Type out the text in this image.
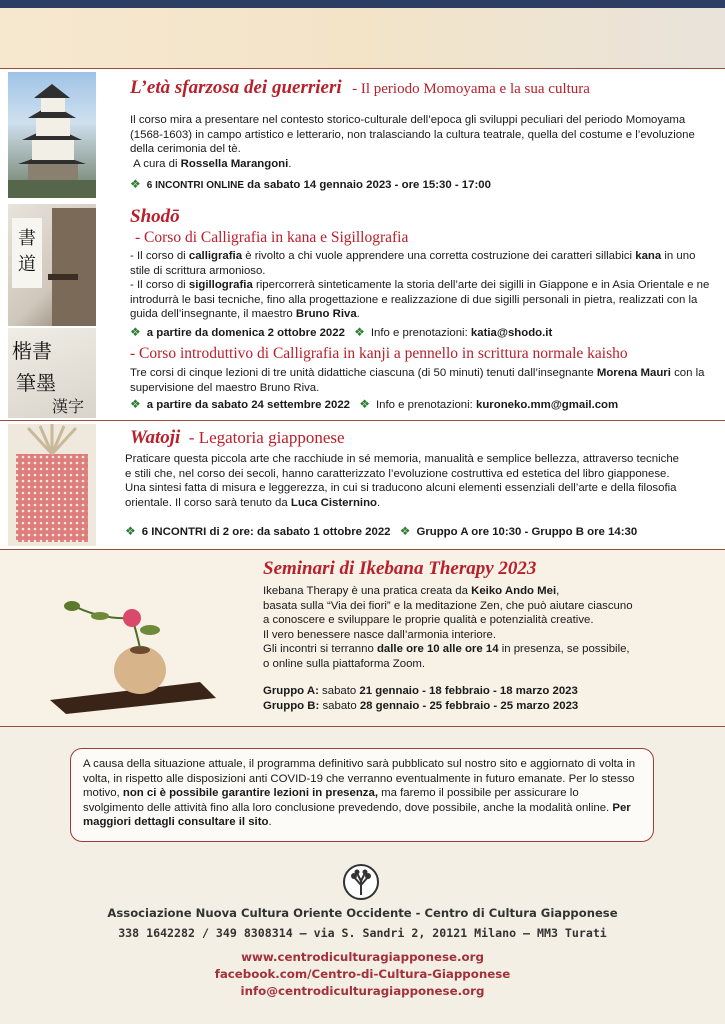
L’età sfarzosa dei guerrieri - Il periodo Momoyama e la sua cultura
Il corso mira a presentare nel contesto storico-culturale dell’epoca gli sviluppi peculiari del periodo Momoyama (1568-1603) in campo artistico e letterario, non tralasciando la cultura teatrale, quella del costume e l’evoluzione della cerimonia del tè.
A cura di Rossella Marangoni.
❖ 6 INCONTRI ONLINE da sabato 14 gennaio 2023 - ore 15:30 - 17:00
書
道
楷書
筆墨
漢字
Shodō
- Corso di Calligrafia in kana e Sigillografia
- Il corso di calligrafia è rivolto a chi vuole apprendere una corretta costruzione dei caratteri sillabici kana in uno stile di scrittura armonioso.
- Il corso di sigillografia ripercorrerà sinteticamente la storia dell’arte dei sigilli in Giappone e in Asia Orientale e ne introdurrà le basi tecniche, fino alla progettazione e realizzazione di due sigilli personali in pietra, realizzati con la guida dell’insegnante, il maestro Bruno Riva.
❖ a partire da domenica 2 ottobre 2022 ❖ Info e prenotazioni: katia@shodo.it
- Corso introduttivo di Calligrafia in kanji a pennello in scrittura normale kaisho
Tre corsi di cinque lezioni di tre unità didattiche ciascuna (di 50 minuti) tenuti dall’insegnante Morena Mauri con la supervisione del maestro Bruno Riva.
❖ a partire da sabato 24 settembre 2022 ❖ Info e prenotazioni: kuroneko.mm@gmail.com
Watoji - Legatoria giapponese
Praticare questa piccola arte che racchiude in sé memoria, manualità e semplice bellezza, attraverso tecniche e stili che, nel corso dei secoli, hanno caratterizzato l’evoluzione costruttiva ed estetica del libro giapponese. Una sintesi fatta di misura e leggerezza, in cui si traducono alcuni elementi essenziali dell’arte e della filosofia orientale. Il corso sarà tenuto da Luca Cisternino.
❖ 6 INCONTRI di 2 ore: da sabato 1 ottobre 2022 ❖ Gruppo A ore 10:30 - Gruppo B ore 14:30
Seminari di Ikebana Therapy 2023
Ikebana Therapy è una pratica creata da Keiko Ando Mei,
basata sulla “Via dei fiori” e la meditazione Zen, che può aiutare ciascuno
a conoscere e sviluppare le proprie qualità e potenzialità creative.
Il vero benessere nasce dall’armonia interiore.
Gli incontri si terranno dalle ore 10 alle ore 14 in presenza, se possibile,
o online sulla piattaforma Zoom.
Gruppo A: sabato 21 gennaio - 18 febbraio - 18 marzo 2023
Gruppo B: sabato 28 gennaio - 25 febbraio - 25 marzo 2023
A causa della situazione attuale, il programma definitivo sarà pubblicato sul nostro sito e aggiornato di volta in volta, in rispetto alle disposizioni anti COVID-19 che verranno eventualmente in futuro emanate. Per lo stesso motivo, non ci è possibile garantire lezioni in presenza, ma faremo il possibile per assicurare lo svolgimento delle attività fino alla loro conclusione prevedendo, dove possibile, anche la modalità online. Per maggiori dettagli consultare il sito.
Associazione Nuova Cultura Oriente Occidente - Centro di Cultura Giapponese
338 1642282 / 349 8308314 – via S. Sandri 2, 20121 Milano – MM3 Turati
www.centrodiculturagiapponese.org
facebook.com/Centro-di-Cultura-Giapponese
info@centrodiculturagiapponese.org
